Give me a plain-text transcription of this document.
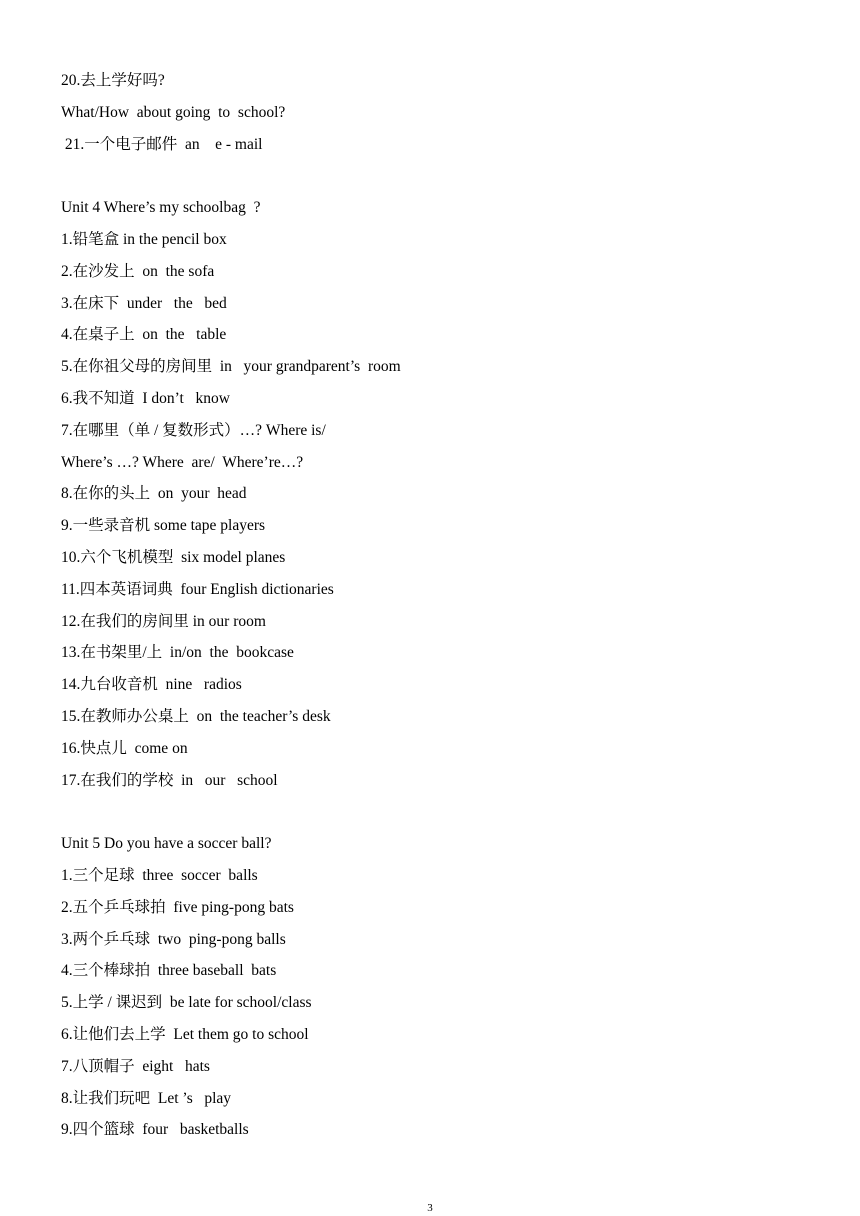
20.去上学好吗?
What/How  about going  to  school?
21.一个电子邮件  an    e - mail
Unit 4 Where’s my schoolbag  ?
1.铅笔盒 in the pencil box
2.在沙发上  on  the sofa
3.在床下  under   the   bed
4.在桌子上  on  the   table
5.在你祖父母的房间里  in   your grandparent’s  room
6.我不知道  I don’t   know
7.在哪里（单 / 复数形式）…? Where is/
Where’s …? Where  are/  Where’re…?
8.在你的头上  on  your  head
9.一些录音机 some tape players
10.六个飞机模型  six model planes
11.四本英语词典  four English dictionaries
12.在我们的房间里 in our room
13.在书架里/上  in/on  the  bookcase
14.九台收音机  nine   radios
15.在教师办公桌上  on  the teacher’s desk
16.快点儿  come on
17.在我们的学校  in   our   school
Unit 5 Do you have a soccer ball?
1.三个足球  three  soccer  balls
2.五个乒乓球拍  five ping-pong bats
3.两个乒乓球  two  ping-pong balls
4.三个棒球拍  three baseball  bats
5.上学 / 课迟到  be late for school/class
6.让他们去上学  Let them go to school
7.八顶帽子  eight   hats
8.让我们玩吧  Let ’s   play
9.四个篮球  four   basketballs
3
